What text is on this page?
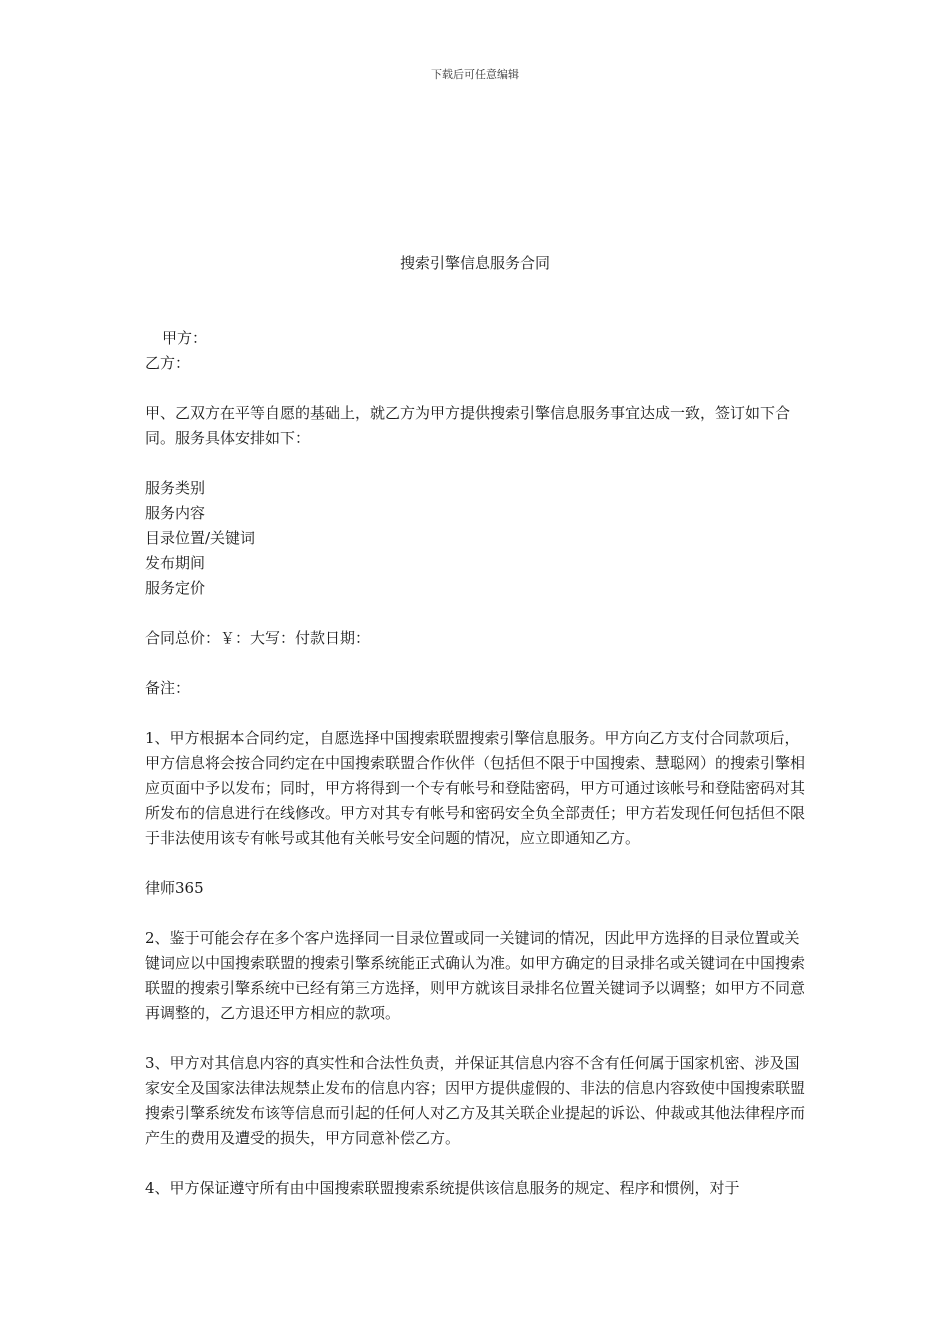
下载后可任意编辑
搜索引擎信息服务合同

甲方：

乙方：

甲、乙双方在平等自愿的基础上，就乙方为甲方提供搜索引擎信息服务事宜达成一致，签订如下合同。服务具体安排如下：

服务类别
服务内容
目录位置/关键词
发布期间
服务定价

合同总价：￥：大写：付款日期：

备注：

1、甲方根据本合同约定，自愿选择中国搜索联盟搜索引擎信息服务。甲方向乙方支付合同款项后，甲方信息将会按合同约定在中国搜索联盟合作伙伴（包括但不限于中国搜索、慧聪网）的搜索引擎相应页面中予以发布；同时，甲方将得到一个专有帐号和登陆密码，甲方可通过该帐号和登陆密码对其所发布的信息进行在线修改。甲方对其专有帐号和密码安全负全部责任；甲方若发现任何包括但不限于非法使用该专有帐号或其他有关帐号安全问题的情况，应立即通知乙方。

律师365

2、鉴于可能会存在多个客户选择同一目录位置或同一关键词的情况，因此甲方选择的目录位置或关键词应以中国搜索联盟的搜索引擎系统能正式确认为准。如甲方确定的目录排名或关键词在中国搜索联盟的搜索引擎系统中已经有第三方选择，则甲方就该目录排名位置关键词予以调整；如甲方不同意再调整的，乙方退还甲方相应的款项。

3、甲方对其信息内容的真实性和合法性负责，并保证其信息内容不含有任何属于国家机密、涉及国家安全及国家法律法规禁止发布的信息内容；因甲方提供虚假的、非法的信息内容致使中国搜索联盟搜索引擎系统发布该等信息而引起的任何人对乙方及其关联企业提起的诉讼、仲裁或其他法律程序而产生的费用及遭受的损失，甲方同意补偿乙方。

4、甲方保证遵守所有由中国搜索联盟搜索系统提供该信息服务的规定、程序和惯例，对于
